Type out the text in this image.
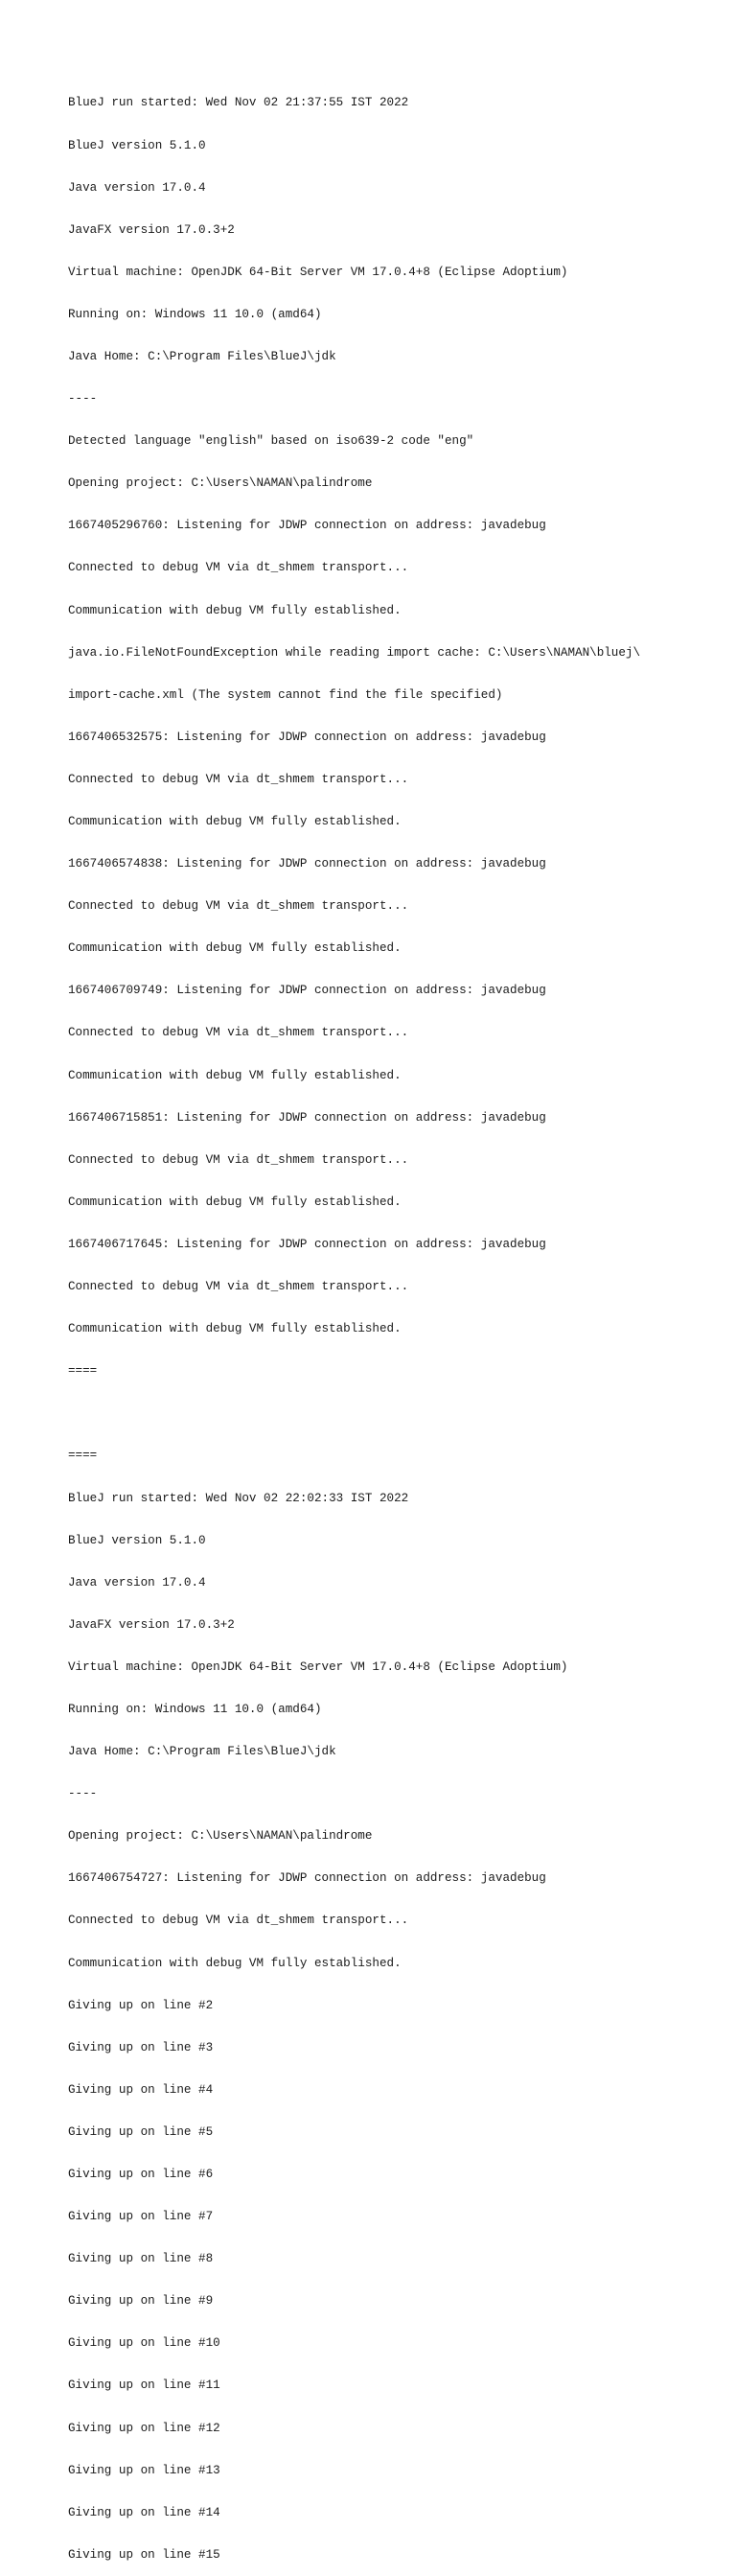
BlueJ run started: Wed Nov 02 21:37:55 IST 2022

BlueJ version 5.1.0

Java version 17.0.4

JavaFX version 17.0.3+2

Virtual machine: OpenJDK 64-Bit Server VM 17.0.4+8 (Eclipse Adoptium)

Running on: Windows 11 10.0 (amd64)

Java Home: C:\Program Files\BlueJ\jdk

----

Detected language "english" based on iso639-2 code "eng"

Opening project: C:\Users\NAMAN\palindrome

1667405296760: Listening for JDWP connection on address: javadebug

Connected to debug VM via dt_shmem transport...

Communication with debug VM fully established.

java.io.FileNotFoundException while reading import cache: C:\Users\NAMAN\bluej\

import-cache.xml (The system cannot find the file specified)

1667406532575: Listening for JDWP connection on address: javadebug

Connected to debug VM via dt_shmem transport...

Communication with debug VM fully established.

1667406574838: Listening for JDWP connection on address: javadebug

Connected to debug VM via dt_shmem transport...

Communication with debug VM fully established.

1667406709749: Listening for JDWP connection on address: javadebug

Connected to debug VM via dt_shmem transport...

Communication with debug VM fully established.

1667406715851: Listening for JDWP connection on address: javadebug

Connected to debug VM via dt_shmem transport...

Communication with debug VM fully established.

1667406717645: Listening for JDWP connection on address: javadebug

Connected to debug VM via dt_shmem transport...

Communication with debug VM fully established.

====

====

BlueJ run started: Wed Nov 02 22:02:33 IST 2022

BlueJ version 5.1.0

Java version 17.0.4

JavaFX version 17.0.3+2

Virtual machine: OpenJDK 64-Bit Server VM 17.0.4+8 (Eclipse Adoptium)

Running on: Windows 11 10.0 (amd64)

Java Home: C:\Program Files\BlueJ\jdk

----

Opening project: C:\Users\NAMAN\palindrome

1667406754727: Listening for JDWP connection on address: javadebug

Connected to debug VM via dt_shmem transport...

Communication with debug VM fully established.

Giving up on line #2

Giving up on line #3

Giving up on line #4

Giving up on line #5

Giving up on line #6

Giving up on line #7

Giving up on line #8

Giving up on line #9

Giving up on line #10

Giving up on line #11

Giving up on line #12

Giving up on line #13

Giving up on line #14

Giving up on line #15
